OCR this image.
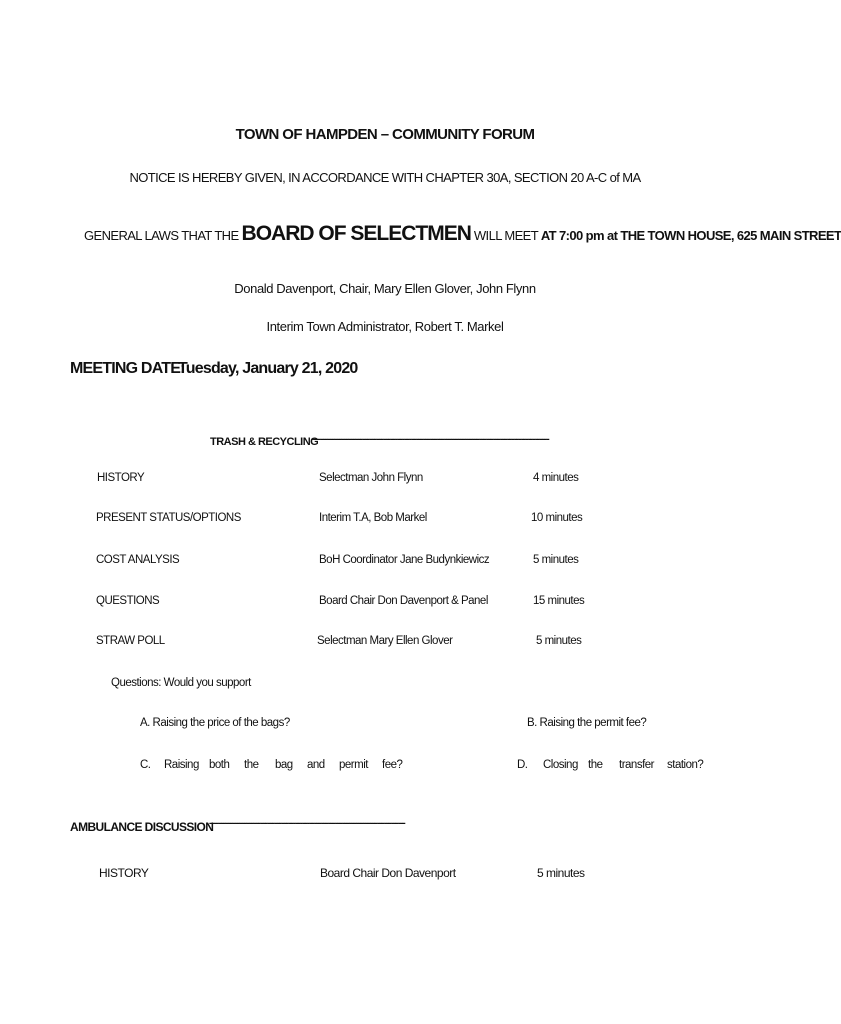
TOWN OF HAMPDEN – COMMUNITY FORUM
NOTICE IS HEREBY GIVEN, IN ACCORDANCE WITH CHAPTER 30A, SECTION 20 A-C of MA
GENERAL LAWS THAT THE BOARD OF SELECTMEN WILL MEET AT 7:00 pm at THE TOWN HOUSE, 625 MAIN STREET
Donald Davenport, Chair, Mary Ellen Glover, John Flynn
Interim Town Administrator, Robert T. Markel
MEETING DATE:
Tuesday, January 21, 2020
TRASH & RECYCLING
------------------------------------------------------------------------------------------------------
HISTORY	Selectman John Flynn	4 minutes
PRESENT STATUS/OPTIONS	Interim T.A, Bob Markel	10 minutes
COST ANALYSIS	BoH Coordinator Jane Budynkiewicz	5 minutes
QUESTIONS	Board Chair Don Davenport & Panel	15 minutes
STRAW POLL	Selectman Mary Ellen Glover	5 minutes
Questions: Would you support
A. Raising the price of the bags?	B. Raising the permit fee?
C. Raising both the bag and permit fee?	D. Closing the transfer station?
AMBULANCE DISCUSSION
------------------------------------------------------------------------------------
HISTORY	Board Chair Don Davenport	5 minutes
